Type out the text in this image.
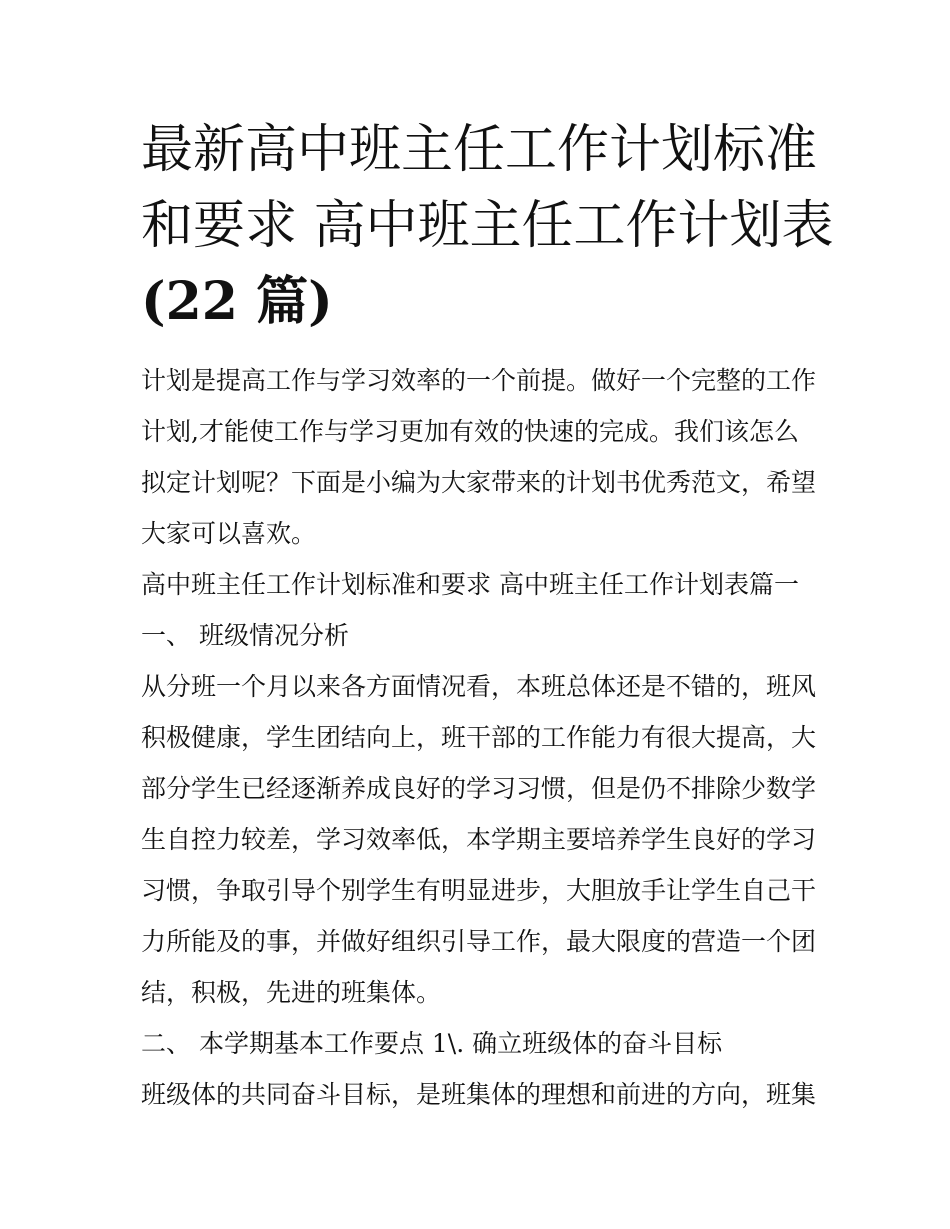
最新高中班主任工作计划标准
和要求 高中班主任工作计划表
(22 篇)
计划是提高工作与学习效率的一个前提。做好一个完整的工作
计划,才能使工作与学习更加有效的快速的完成。我们该怎么
拟定计划呢？下面是小编为大家带来的计划书优秀范文，希望
大家可以喜欢。
高中班主任工作计划标准和要求 高中班主任工作计划表篇一
一、 班级情况分析
从分班一个月以来各方面情况看，本班总体还是不错的，班风
积极健康，学生团结向上，班干部的工作能力有很大提高，大
部分学生已经逐渐养成良好的学习习惯，但是仍不排除少数学
生自控力较差，学习效率低，本学期主要培养学生良好的学习
习惯，争取引导个别学生有明显进步，大胆放手让学生自己干
力所能及的事，并做好组织引导工作，最大限度的营造一个团
结，积极，先进的班集体。
二、 本学期基本工作要点 1\. 确立班级体的奋斗目标
班级体的共同奋斗目标，是班集体的理想和前进的方向，班集
